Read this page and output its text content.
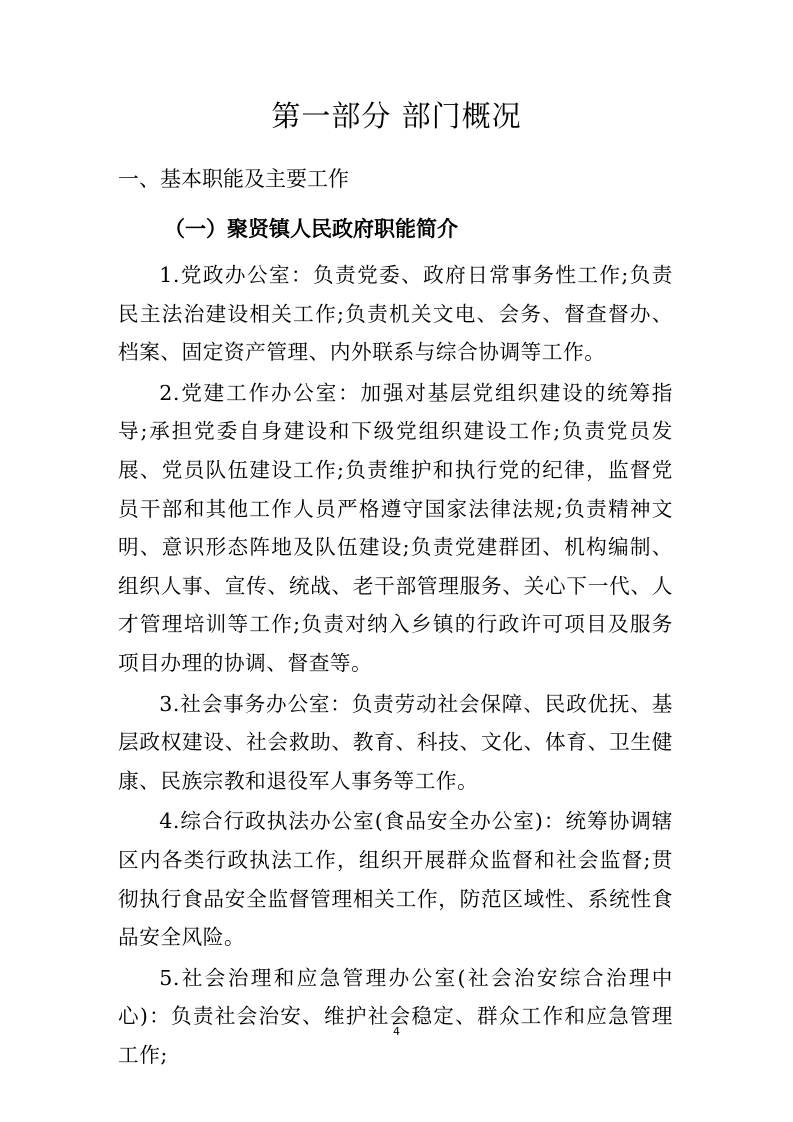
第一部分 部门概况
一、基本职能及主要工作
（一）聚贤镇人民政府职能简介

1.党政办公室：负责党委、政府日常事务性工作;负责民主法治建设相关工作;负责机关文电、会务、督查督办、档案、固定资产管理、内外联系与综合协调等工作。

2.党建工作办公室：加强对基层党组织建设的统筹指导;承担党委自身建设和下级党组织建设工作;负责党员发展、党员队伍建设工作;负责维护和执行党的纪律，监督党员干部和其他工作人员严格遵守国家法律法规;负责精神文明、意识形态阵地及队伍建设;负责党建群团、机构编制、组织人事、宣传、统战、老干部管理服务、关心下一代、人才管理培训等工作;负责对纳入乡镇的行政许可项目及服务项目办理的协调、督查等。

3.社会事务办公室：负责劳动社会保障、民政优抚、基层政权建设、社会救助、教育、科技、文化、体育、卫生健康、民族宗教和退役军人事务等工作。

4.综合行政执法办公室(食品安全办公室)：统筹协调辖区内各类行政执法工作，组织开展群众监督和社会监督;贯彻执行食品安全监督管理相关工作，防范区域性、系统性食品安全风险。

5.社会治理和应急管理办公室(社会治安综合治理中心)：负责社会治安、维护社会稳定、群众工作和应急管理工作;

4
